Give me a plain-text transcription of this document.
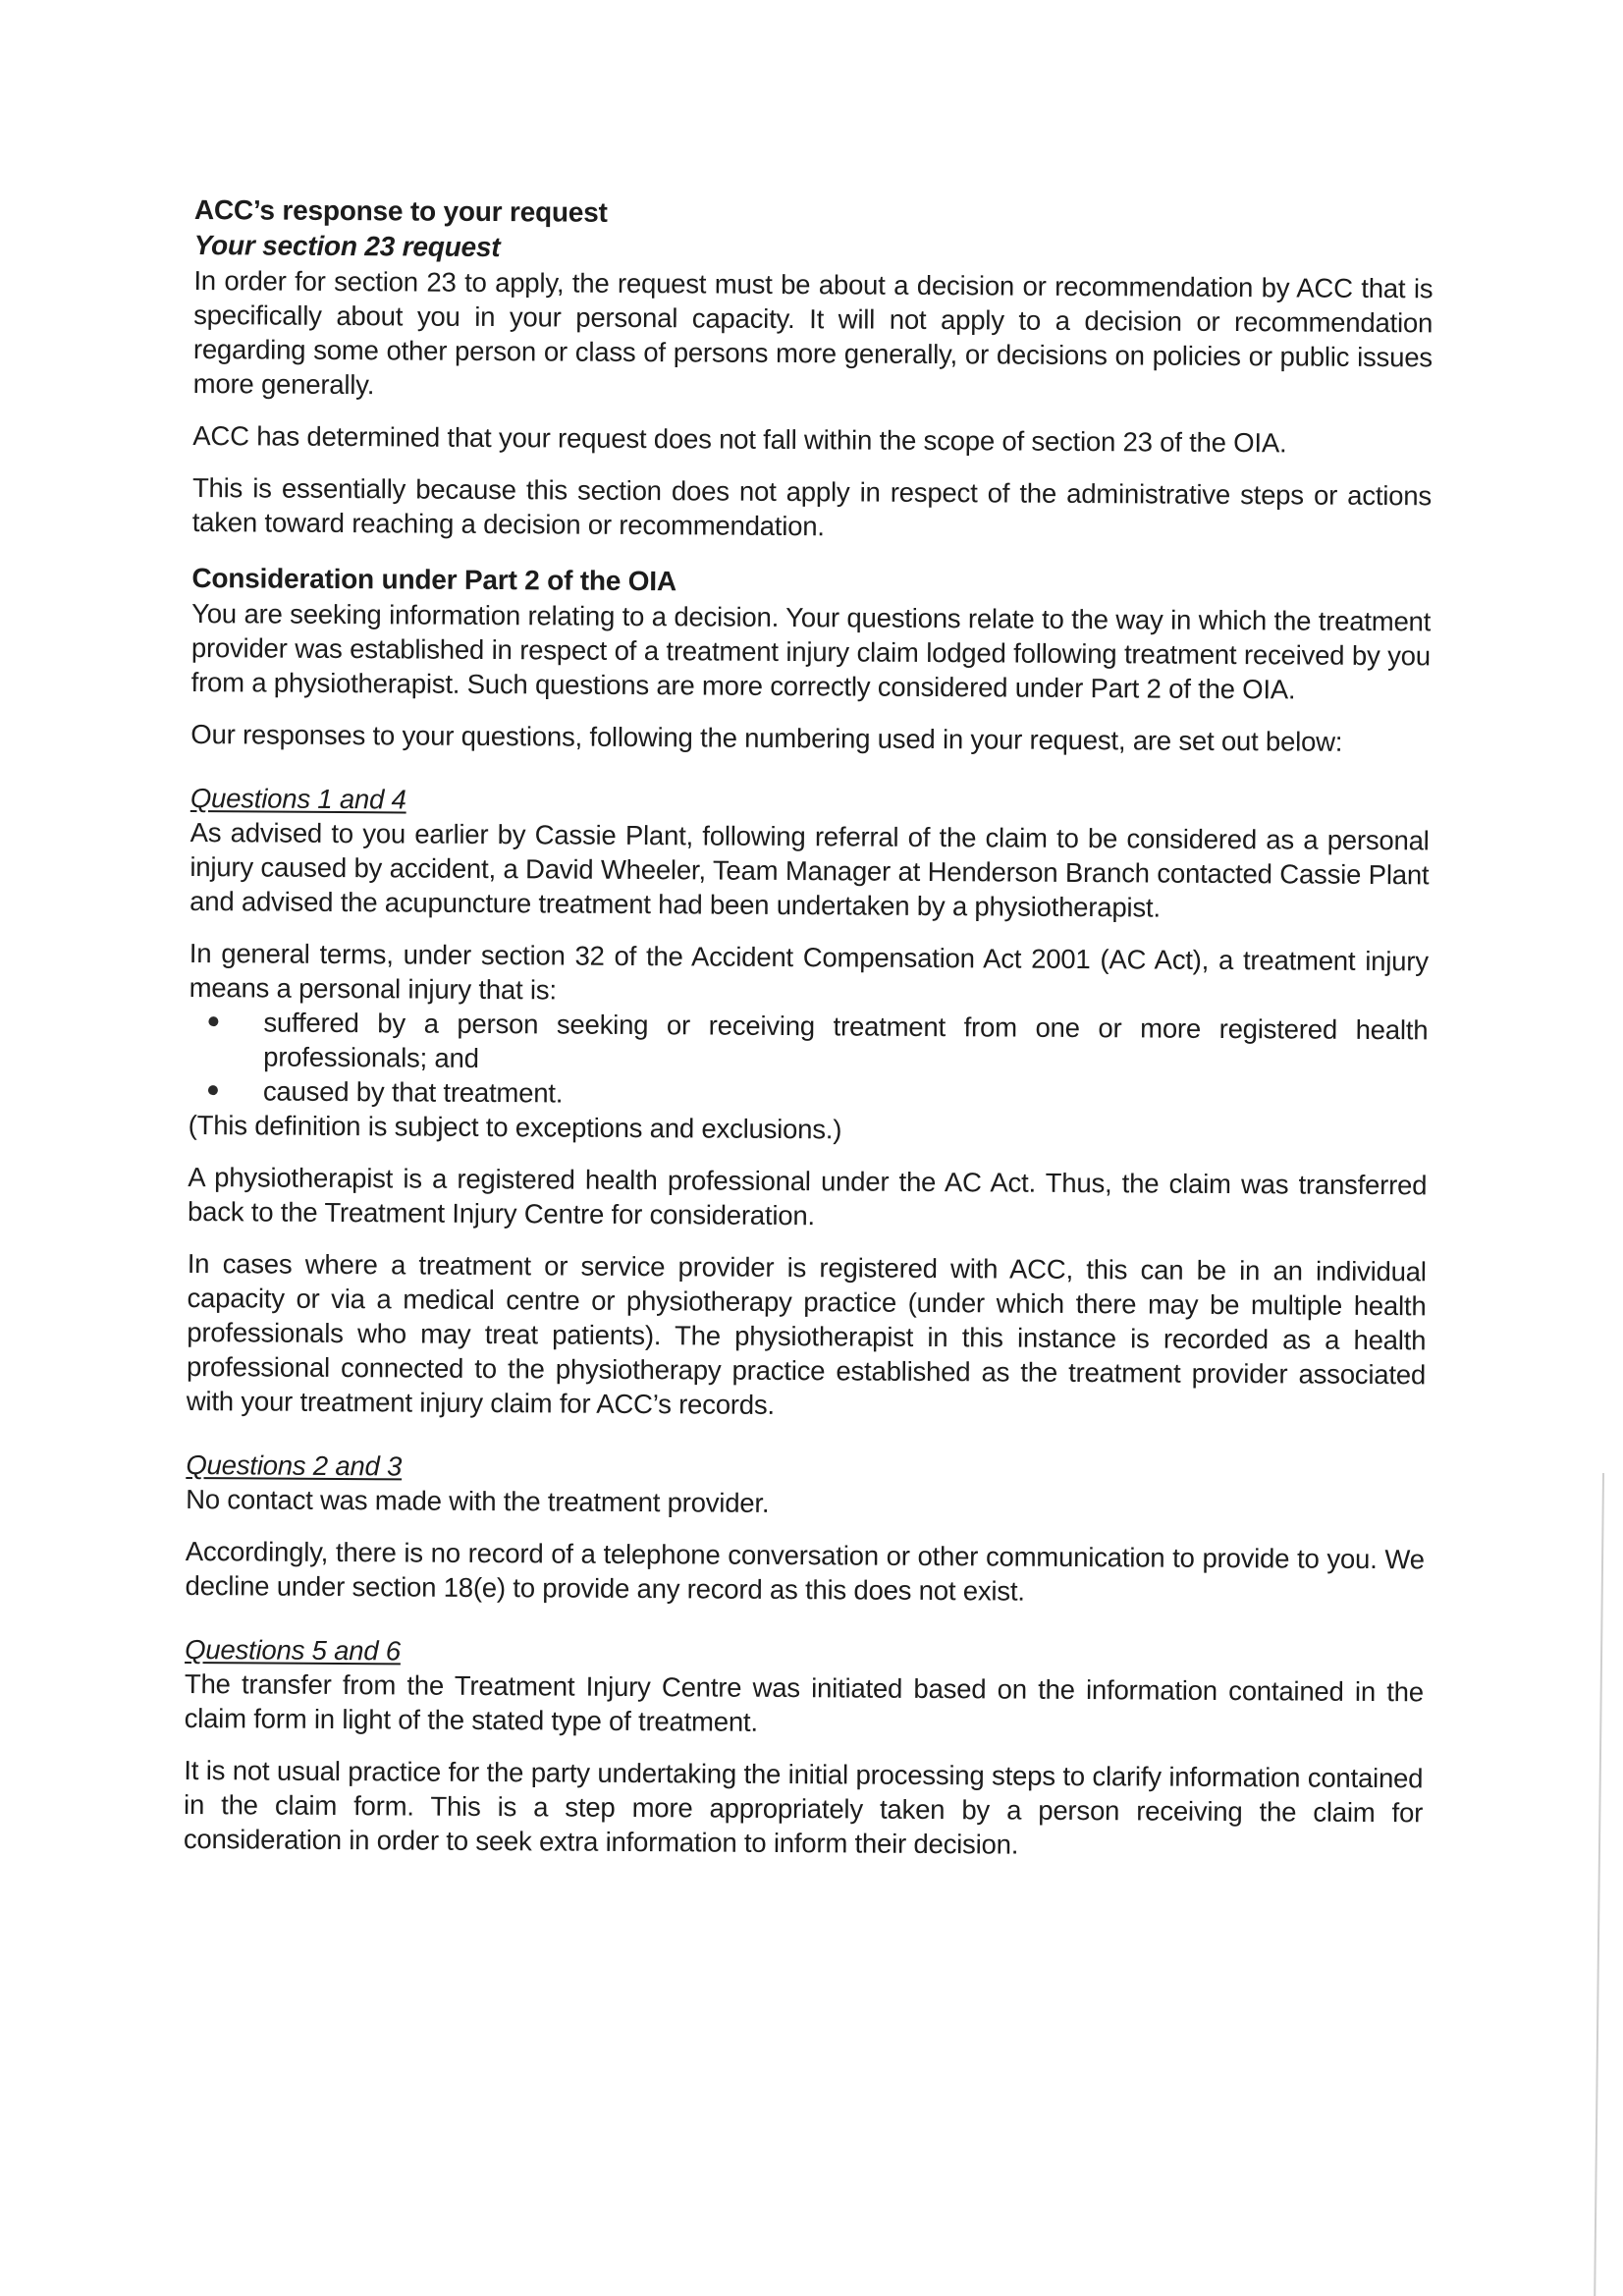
ACC’s response to your request
Your section 23 request

In order for section 23 to apply, the request must be about a decision or recommendation by ACC that is specifically about you in your personal capacity. It will not apply to a decision or recommendation regarding some other person or class of persons more generally, or decisions on policies or public issues more generally.

ACC has determined that your request does not fall within the scope of section 23 of the OIA.

This is essentially because this section does not apply in respect of the administrative steps or actions taken toward reaching a decision or recommendation.

Consideration under Part 2 of the OIA

You are seeking information relating to a decision. Your questions relate to the way in which the treatment provider was established in respect of a treatment injury claim lodged following treatment received by you from a physiotherapist. Such questions are more correctly considered under Part 2 of the OIA.

Our responses to your questions, following the numbering used in your request, are set out below:

Questions 1 and 4

As advised to you earlier by Cassie Plant, following referral of the claim to be considered as a personal injury caused by accident, a David Wheeler, Team Manager at Henderson Branch contacted Cassie Plant and advised the acupuncture treatment had been undertaken by a physiotherapist.

In general terms, under section 32 of the Accident Compensation Act 2001 (AC Act), a treatment injury means a personal injury that is:

suffered by a person seeking or receiving treatment from one or more registered health professionals; and
caused by that treatment.

(This definition is subject to exceptions and exclusions.)

A physiotherapist is a registered health professional under the AC Act. Thus, the claim was transferred back to the Treatment Injury Centre for consideration.

In cases where a treatment or service provider is registered with ACC, this can be in an individual capacity or via a medical centre or physiotherapy practice (under which there may be multiple health professionals who may treat patients). The physiotherapist in this instance is recorded as a health professional connected to the physiotherapy practice established as the treatment provider associated with your treatment injury claim for ACC’s records.

Questions 2 and 3

No contact was made with the treatment provider.

Accordingly, there is no record of a telephone conversation or other communication to provide to you. We decline under section 18(e) to provide any record as this does not exist.

Questions 5 and 6

The transfer from the Treatment Injury Centre was initiated based on the information contained in the claim form in light of the stated type of treatment.

It is not usual practice for the party undertaking the initial processing steps to clarify information contained in the claim form. This is a step more appropriately taken by a person receiving the claim for consideration in order to seek extra information to inform their decision.
